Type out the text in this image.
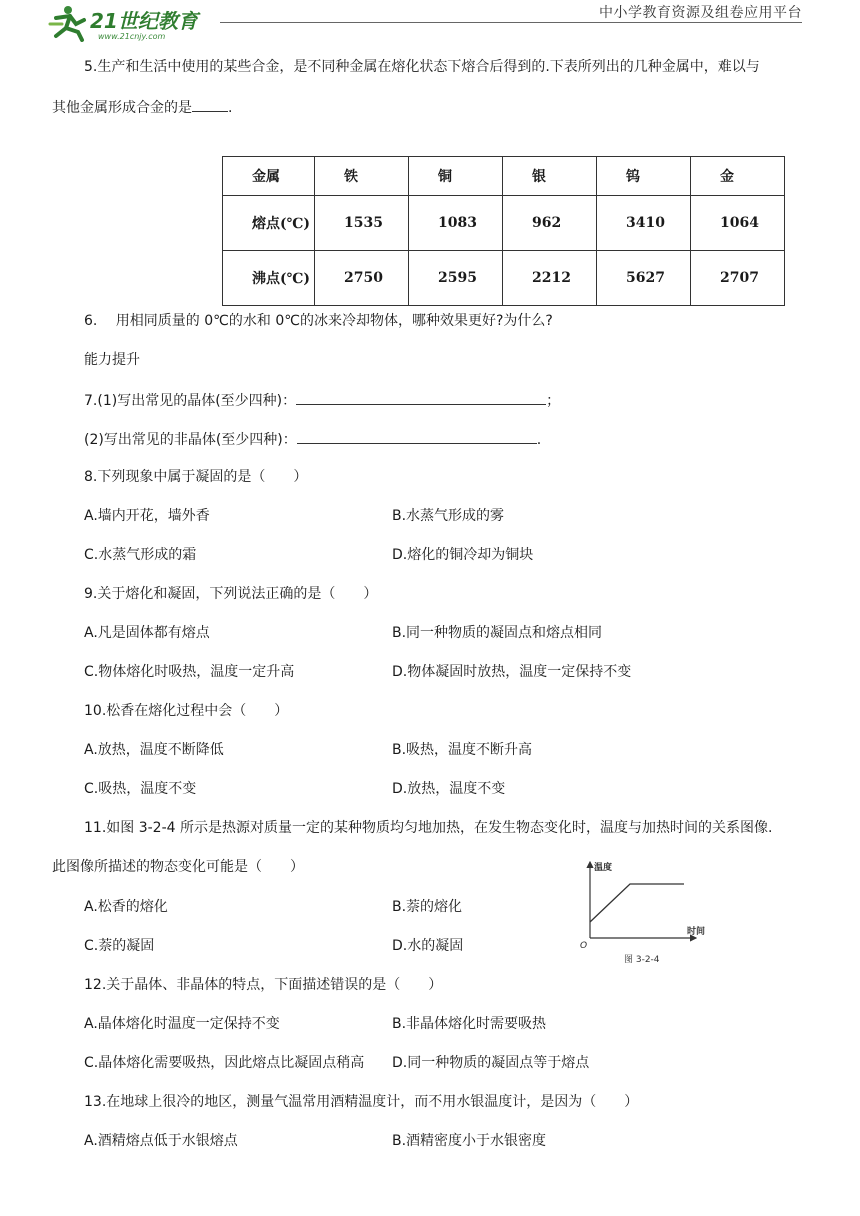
21世纪教育
www.21cnjy.com
中小学教育资源及组卷应用平台
5.生产和生活中使用的某些合金，是不同种金属在熔化状态下熔合后得到的.下表所列出的几种金属中，难以与
其他金属形成合金的是	.
金属	铁	铜	银	钨	金
熔点(℃)	1535	1083	962	3410	1064
沸点(℃)	2750	2595	2212	5627	2707
6.　 用相同质量的 0℃的水和 0℃的冰来冷却物体，哪种效果更好?为什么?
能力提升
7.(1)写出常见的晶体(至少四种)：	；
(2)写出常见的非晶体(至少四种)：	.
8.下列现象中属于凝固的是（　　）
A.墙内开花，墙外香	B.水蒸气形成的雾
C.水蒸气形成的霜	D.熔化的铜冷却为铜块
9.关于熔化和凝固，下列说法正确的是（　　）
A.凡是固体都有熔点	B.同一种物质的凝固点和熔点相同
C.物体熔化时吸热，温度一定升高	D.物体凝固时放热，温度一定保持不变
10.松香在熔化过程中会（　　）
A.放热，温度不断降低	B.吸热，温度不断升高
C.吸热，温度不变	D.放热，温度不变
11.如图 3-2-4 所示是热源对质量一定的某种物质均匀地加热，在发生物态变化时，温度与加热时间的关系图像.
此图像所描述的物态变化可能是（　　）
A.松香的熔化	B.萘的熔化
C.萘的凝固	D.水的凝固
温度
时间
O
图 3-2-4
12.关于晶体、非晶体的特点，下面描述错误的是（　　）
A.晶体熔化时温度一定保持不变	B.非晶体熔化时需要吸热
C.晶体熔化需要吸热，因此熔点比凝固点稍高 D.同一种物质的凝固点等于熔点
13.在地球上很冷的地区，测量气温常用酒精温度计，而不用水银温度计，是因为（　　）
A.酒精熔点低于水银熔点	B.酒精密度小于水银密度
